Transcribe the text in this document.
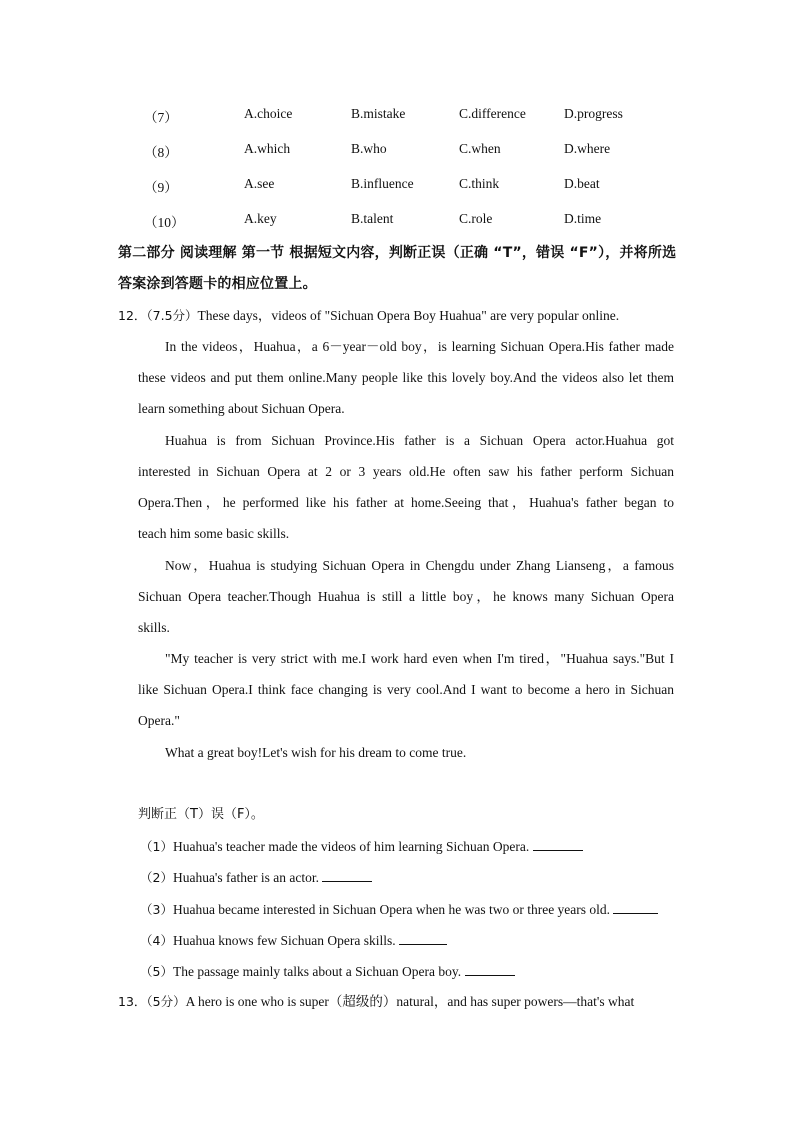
（7）	A.choice	B.mistake	C.difference	D.progress
（8）	A.which	B.who	C.when	D.where
（9）	A.see	B.influence	C.think	D.beat
（10）	A.key	B.talent	C.role	D.time
第二部分 阅读理解 第一节 根据短文内容，判断正误（正确 “T”，错误 “F”），并将所选
答案涂到答题卡的相应位置上。
12．（7.5分）These days，videos of "Sichuan Opera Boy Huahua" are very popular online.
In the videos，Huahua，a 6－year－old boy，is learning Sichuan Opera.His father made
these videos and put them online.Many people like this lovely boy.And the videos also let them
learn something about Sichuan Opera.
Huahua is from Sichuan Province.His father is a Sichuan Opera actor.Huahua got
interested in Sichuan Opera at 2 or 3 years old.He often saw his father perform Sichuan
Opera.Then，he performed like his father at home.Seeing that，Huahua's father began to
teach him some basic skills.
Now，Huahua is studying Sichuan Opera in Chengdu under Zhang Lianseng，a famous
Sichuan Opera teacher.Though Huahua is still a little boy，he knows many Sichuan Opera
skills.
"My teacher is very strict with me.I work hard even when I'm tired，"Huahua says."But I
like Sichuan Opera.I think face changing is very cool.And I want to become a hero in Sichuan
Opera."
What a great boy!Let's wish for his dream to come true.
判断正（T）误（F）。
（1）Huahua's teacher made the videos of him learning Sichuan Opera.
（2）Huahua's father is an actor.
（3）Huahua became interested in Sichuan Opera when he was two or three years old.
（4）Huahua knows few Sichuan Opera skills.
（5）The passage mainly talks about a Sichuan Opera boy.
13．（5分）A hero is one who is super（超级的）natural，and has super powers—that's what
